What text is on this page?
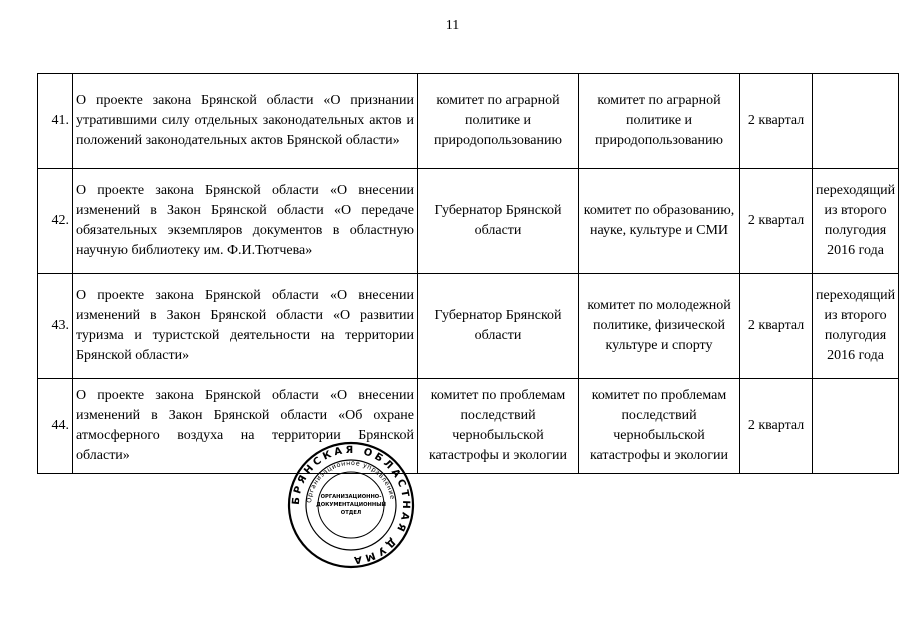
11
41.	О проекте закона Брянской области «О признании утратившими силу отдельных законодательных актов и положений законодательных актов Брянской области»	комитет по аграрной политике и природопользованию	комитет по аграрной политике и природопользованию	2 квартал	
42.	О проекте закона Брянской области «О внесении изменений в Закон Брянской области «О передаче обязательных экземпляров документов в областную научную библиотеку им. Ф.И.Тютчева»	Губернатор Брянской области	комитет по образованию, науке, культуре и СМИ	2 квартал	переходящий из второго полугодия 2016 года
43.	О проекте закона Брянской области «О внесении изменений в Закон Брянской области «О развитии туризма и туристской деятельности на территории Брянской области»	Губернатор Брянской области	комитет по молодежной политике, физической культуре и спорту	2 квартал	переходящий из второго полугодия 2016 года
44.	О проекте закона Брянской области «О внесении изменений в Закон Брянской области «Об охране атмосферного воздуха на территории Брянской области»	комитет по проблемам последствий чернобыльской катастрофы и экологии	комитет по проблемам последствий чернобыльской катастрофы и экологии	2 квартал	
БРЯНСКАЯ ОБЛАСТНАЯ ДУМА
Организационное управление
ОРГАНИЗАЦИОННО-
ДОКУМЕНТАЦИОННЫЙ
ОТДЕЛ
